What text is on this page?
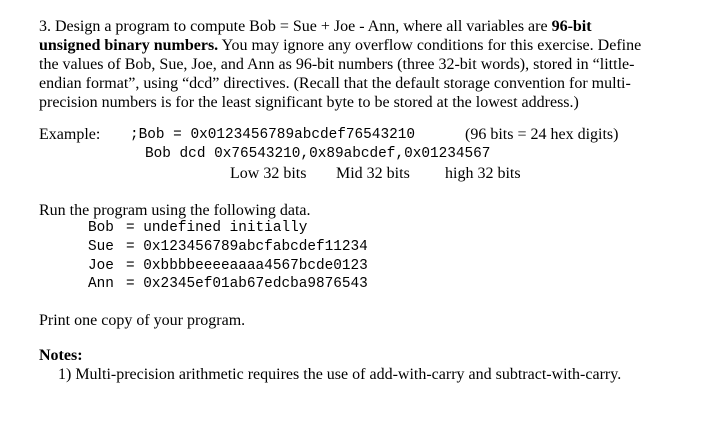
3. Design a program to compute Bob = Sue + Joe - Ann, where all variables are 96-bit
unsigned binary numbers. You may ignore any overflow conditions for this exercise. Define
the values of Bob, Sue, Joe, and Ann as 96-bit numbers (three 32-bit words), stored in “little-
endian format”, using “dcd” directives. (Recall that the default storage convention for multi-
precision numbers is for the least significant byte to be stored at the lowest address.)
Example: ;Bob = 0x0123456789abcdef76543210	(96 bits = 24 hex digits)
Bob dcd 0x76543210,0x89abcdef,0x01234567
Low 32 bits Mid 32 bits high 32 bits
Run the program using the following data.
Bob = undefined initially
Sue = 0x123456789abcfabcdef11234
Joe = 0xbbbbeeeeaaaa4567bcde0123
Ann = 0x2345ef01ab67edcba9876543
Print one copy of your program.
Notes:
1) Multi-precision arithmetic requires the use of add-with-carry and subtract-with-carry.
